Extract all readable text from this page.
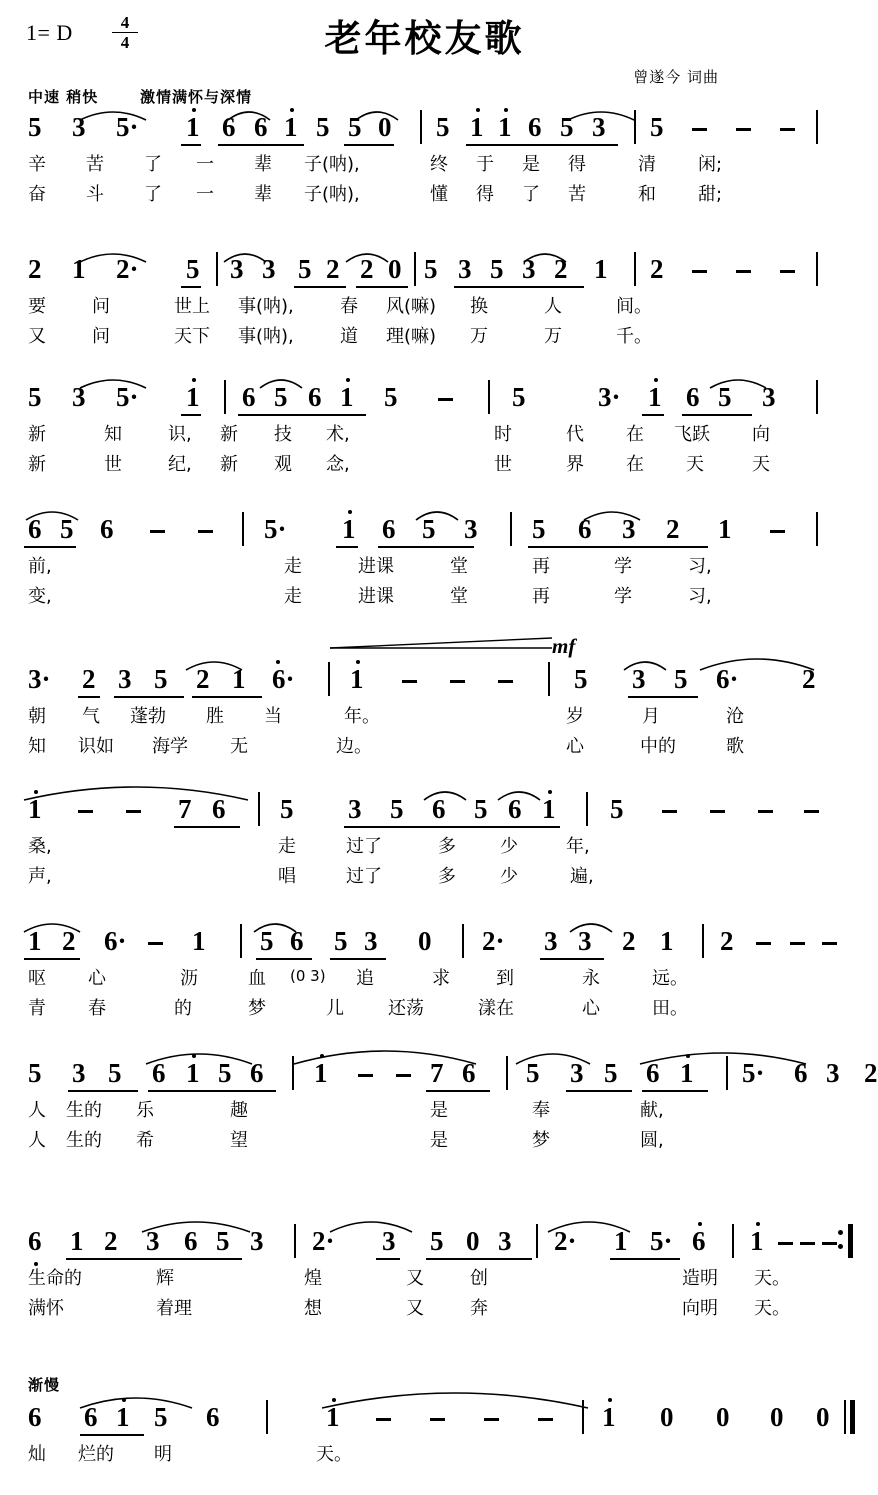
1= D $\frac{4}{4}$	老年校友歌
曾遂今 词曲
中速 稍快	激情满怀与深情
mf
渐慢
5 3 5· 1 6 6 1 5 5 0 5 1 1 6 5 3 5
辛 苦 了 一 辈 子(呐),	终 于 是 得	清 闲;
奋 斗 了 一 辈 子(呐),	懂 得 了 苦	和 甜;
2 1 2· 5 3 3 5 2 2 0 5 3 5 3 2 1 2
要	问	世上 事(呐),	春 风(嘛) 换	人	间。
又	问	天下 事(呐),	道 理(嘛) 万	万	千。
5 3 5· 1 6 5 6 1 5	5	3· 1 6 5 3
新	知	识, 新 技 术,	时	代 在 飞跃 向
新	世	纪, 新 观 念,	世	界 在 天	天
6 5 6	5· 1 6 5 3 5 6 3 2 1
前,	走	进课	堂	再	学	习,
变,	走	进课	堂	再	学	习,
3· 2 3 5 2 1 6· 1	5 3 5 6· 2
朝 气 蓬勃 胜 当	年。	岁	月	沧
知 识如 海学 无	边。	心	中的	歌
1	7 6 5 3 5 6 5 6 1 5
桑,	走	过了	多 少	年,
声,	唱	过了	多 少	遍,
1 2 6· 1 5 6 5 3 0 2· 3 3 2 1 2
呕 心	沥	血 (0 3) 追	求	到	永	远。
青 春	的	梦	儿 还荡	漾在	心	田。
5 3 5 6 1 5 6 1	7 6 5 3 5 6 1 5· 6 3 2
人 生的 乐	趣	是	奉	献,
人 生的 希	望	是	梦	圆,
6 1 2 3 6 5 3 2· 3 5 0 3 2· 1 5· 6 1
生命的	辉	煌	又	创	造明 天。
满怀	着理	想	又	奔	向明 天。
6 6 1 5 6	1	1 0 0 0 0
灿 烂的 明	天。
